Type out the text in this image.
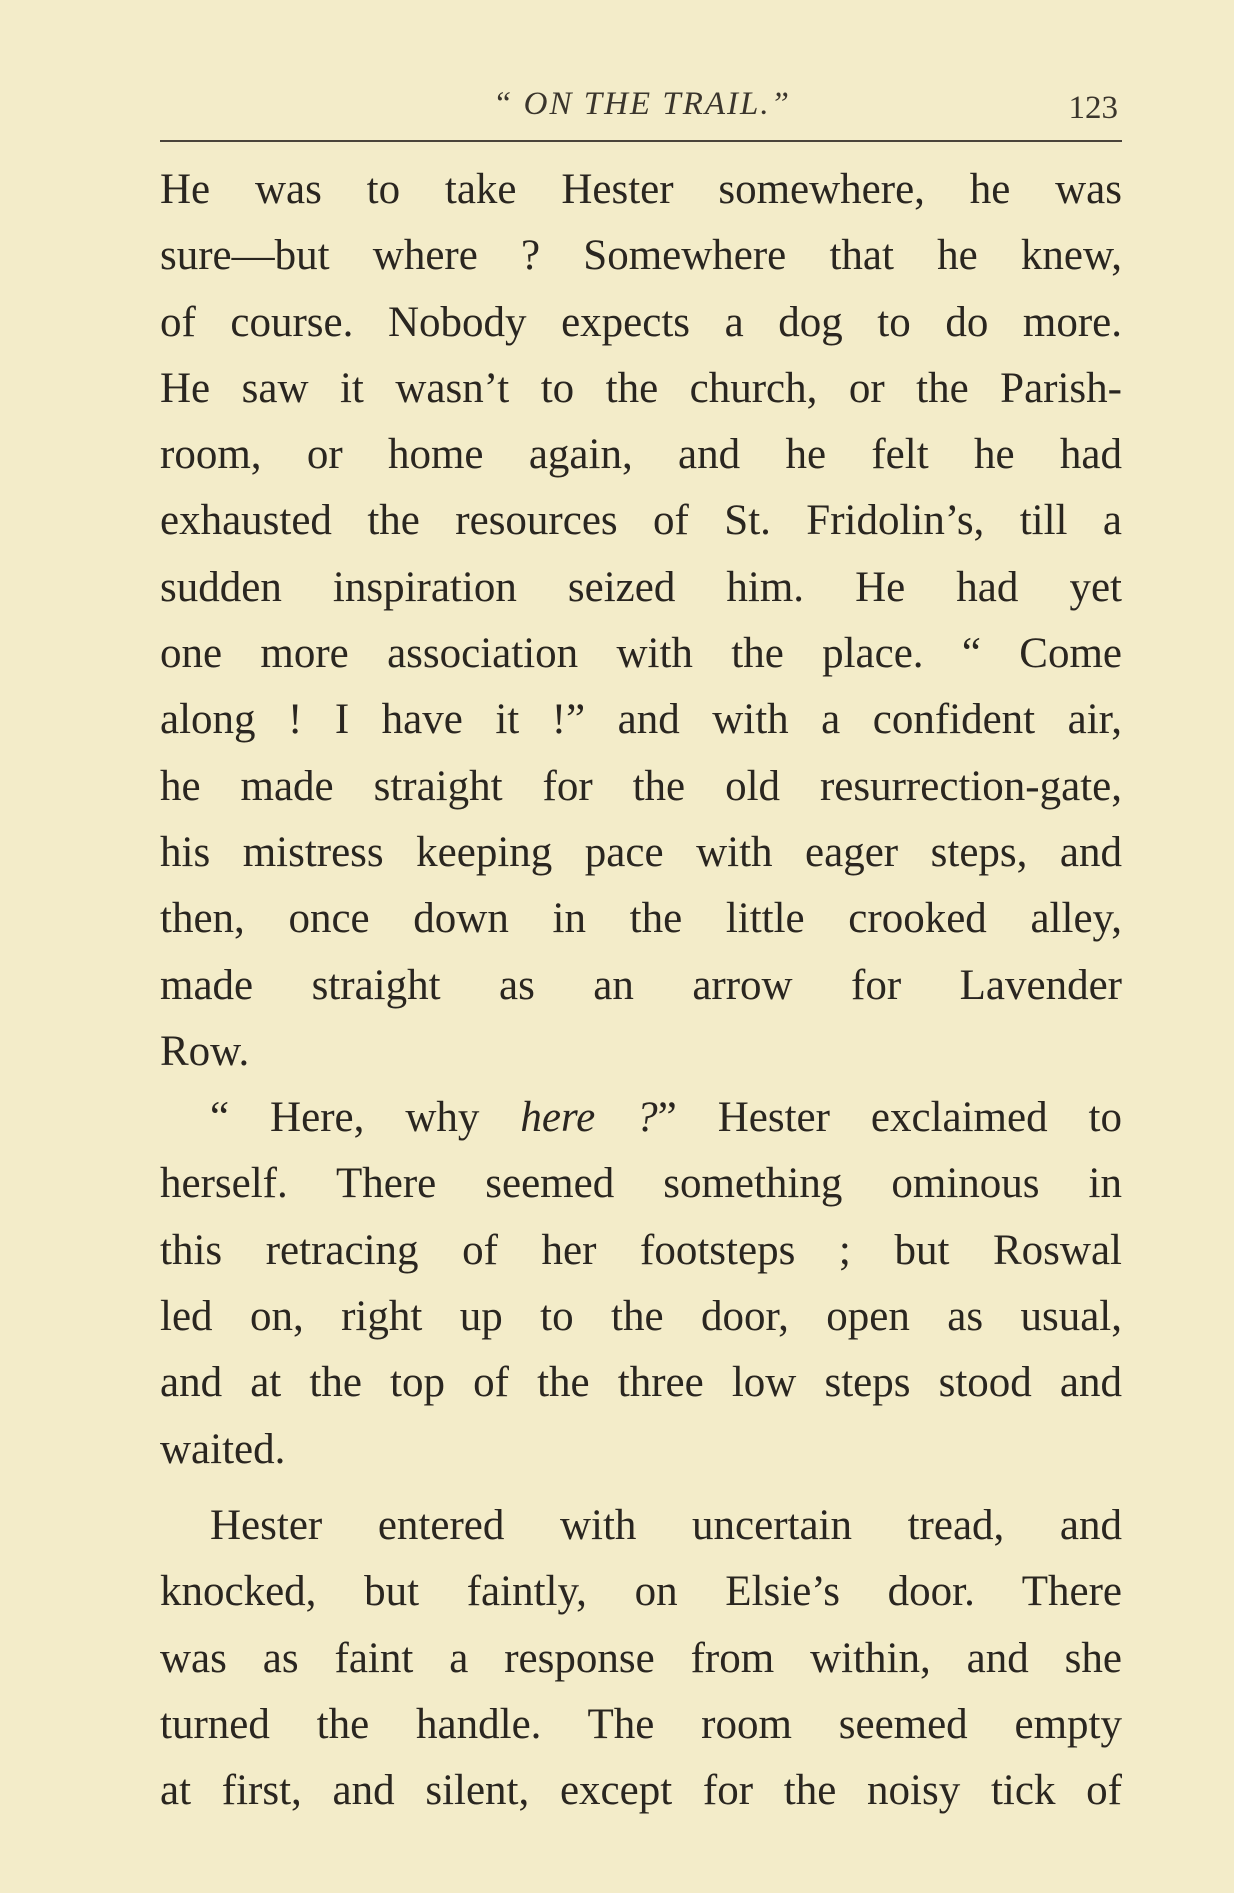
“ ON THE TRAIL.”	123
He was to take Hester somewhere, he was
sure—but where ? Somewhere that he knew,
of course. Nobody expects a dog to do more.
He saw it wasn’t to the church, or the Parish-
room, or home again, and he felt he had
exhausted the resources of St. Fridolin’s, till a
sudden inspiration seized him. He had yet
one more association with the place. “ Come
along ! I have it !” and with a confident air,
he made straight for the old resurrection-gate,
his mistress keeping pace with eager steps, and
then, once down in the little crooked alley,
made straight as an arrow for Lavender
Row.
“ Here, why here ?” Hester exclaimed to
herself. There seemed something ominous in
this retracing of her footsteps ; but Roswal
led on, right up to the door, open as usual,
and at the top of the three low steps stood and
waited.
Hester entered with uncertain tread, and
knocked, but faintly, on Elsie’s door. There
was as faint a response from within, and she
turned the handle. The room seemed empty
at first, and silent, except for the noisy tick of
